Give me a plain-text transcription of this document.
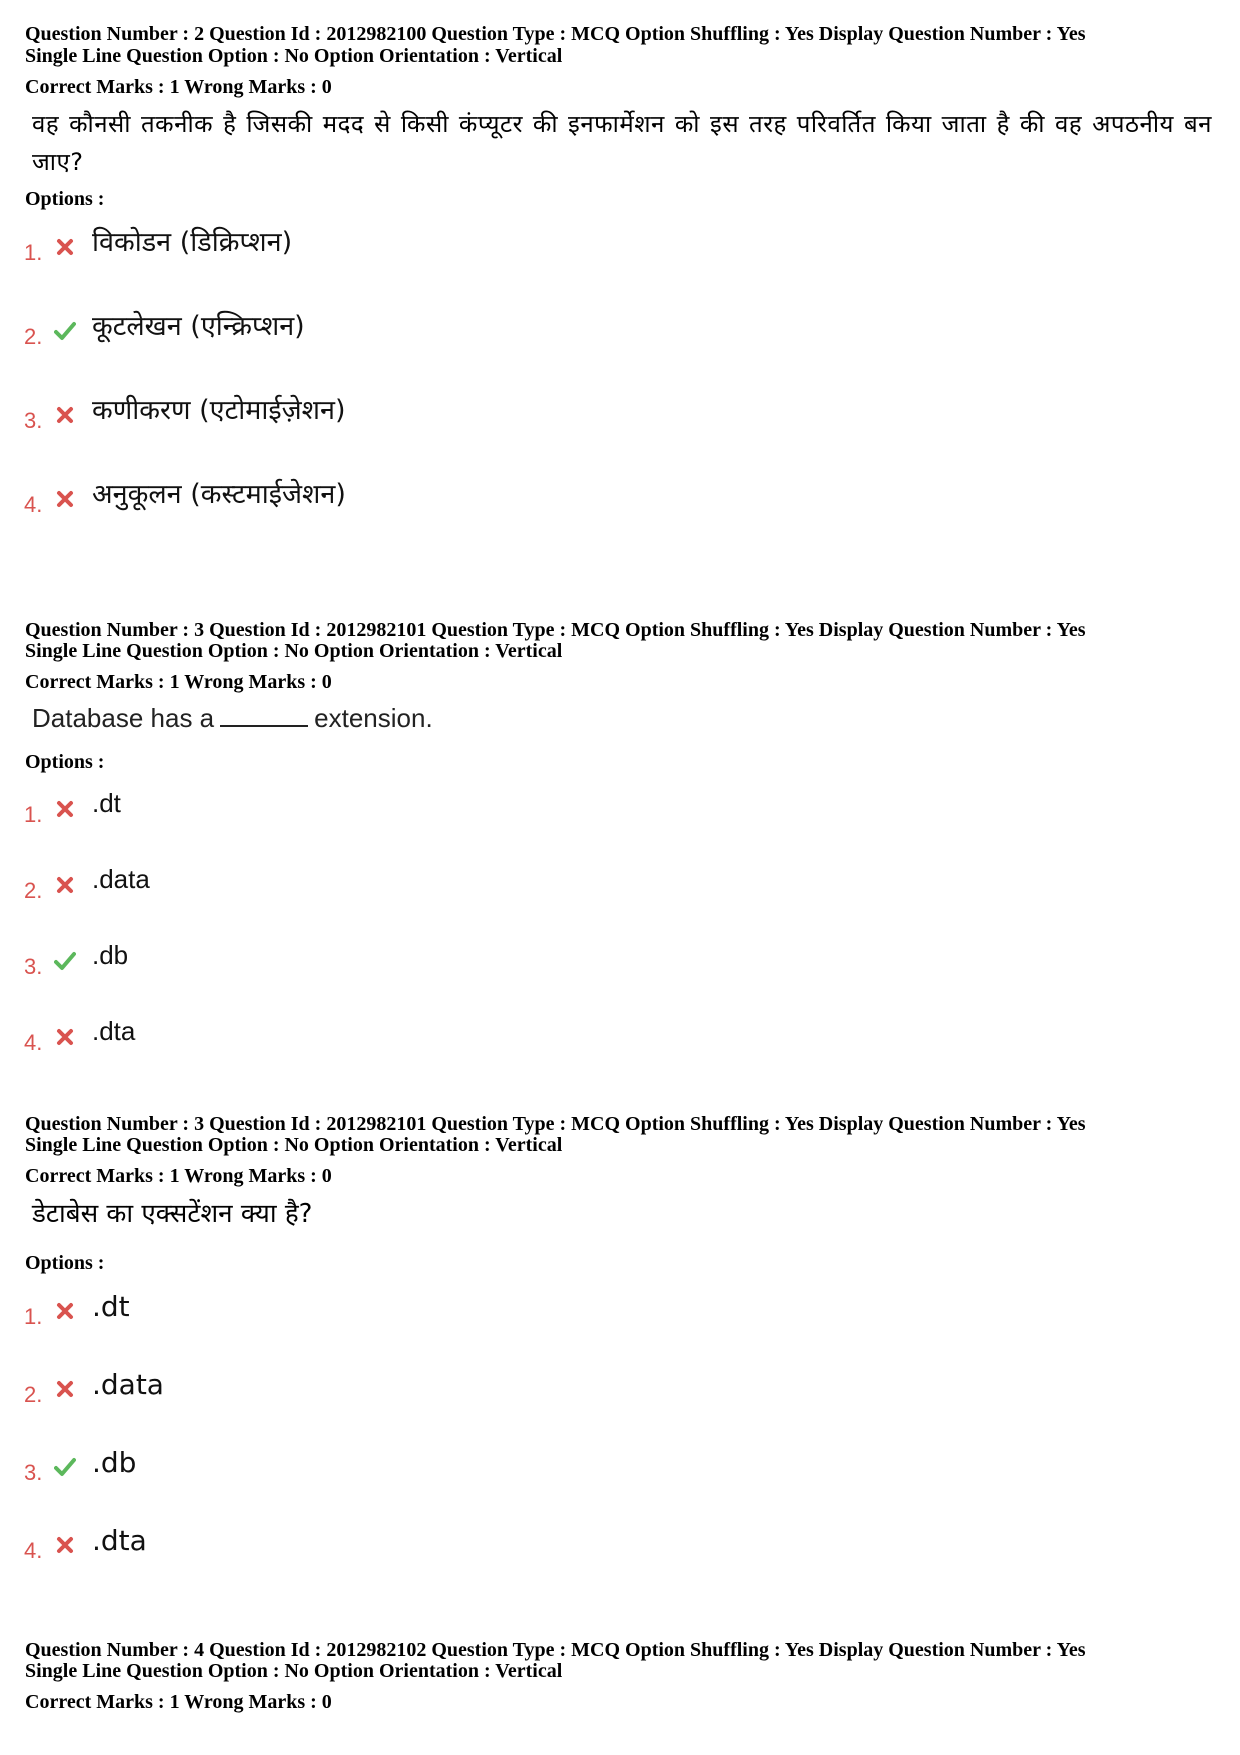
Question Number : 2 Question Id : 2012982100 Question Type : MCQ Option Shuffling : Yes Display Question Number : Yes

Single Line Question Option : No Option Orientation : Vertical

Correct Marks : 1 Wrong Marks : 0

वह कौनसी तकनीक है जिसकी मदद से किसी कंप्यूटर की इनफार्मेशन को इस तरह परिवर्तित किया जाता है की वह अपठनीय बन जाए?

Options :

1. विकोडन (डिक्रिप्शन)
2. कूटलेखन (एन्क्रिप्शन)
3. कणीकरण (एटोमाईज़ेशन)
4. अनुकूलन (कस्टमाईजेशन)

Question Number : 3 Question Id : 2012982101 Question Type : MCQ Option Shuffling : Yes Display Question Number : Yes

Single Line Question Option : No Option Orientation : Vertical

Correct Marks : 1 Wrong Marks : 0

Database has a	extension.

Options :

1. .dt
2. .data
3. .db
4. .dta

Question Number : 3 Question Id : 2012982101 Question Type : MCQ Option Shuffling : Yes Display Question Number : Yes

Single Line Question Option : No Option Orientation : Vertical

Correct Marks : 1 Wrong Marks : 0

डेटाबेस का एक्सटेंशन क्या है?

Options :

1. .dt
2. .data
3. .db
4. .dta

Question Number : 4 Question Id : 2012982102 Question Type : MCQ Option Shuffling : Yes Display Question Number : Yes

Single Line Question Option : No Option Orientation : Vertical

Correct Marks : 1 Wrong Marks : 0
